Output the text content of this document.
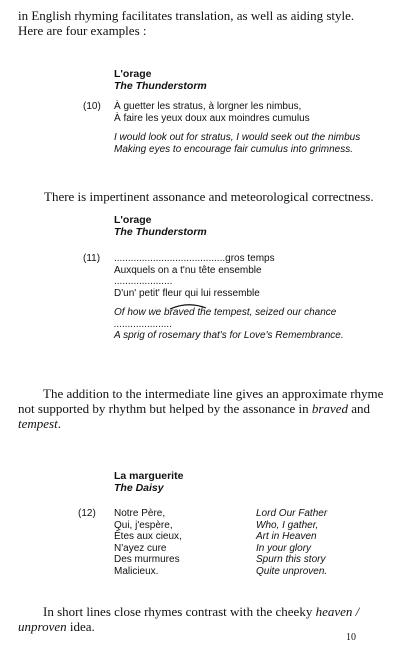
in English rhyming facilitates translation, as well as aiding style.
Here are four examples :
L'orage
The Thunderstorm
(10) À guetter les stratus, à lorgner les nimbus,
À faire les yeux doux aux moindres cumulus
I would look out for stratus, I would seek out the nimbus
Making eyes to encourage fair cumulus into grimness.
There is impertinent assonance and meteorological correctness.
L'orage
The Thunderstorm
(11) ........................................gros temps
Auxquels on a t'nu tête ensemble
.....................
D'un' petit' fleur qui lui ressemble
Of how we braved the tempest, seized our chance
.....................
A sprig of rosemary that's for Love's Remembrance.
The addition to the intermediate line gives an approximate rhyme not supported by rhythm but helped by the assonance in braved and tempest.
La marguerite
The Daisy
(12) Notre Père,
Qui, j'espère,
Êtes aux cieux,
N'ayez cure
Des murmures
Malicieux.
Lord Our Father
Who, I gather,
Art in Heaven
In your glory
Spurn this story
Quite unproven.
In short lines close rhymes contrast with the cheeky heaven / unproven idea.
10
